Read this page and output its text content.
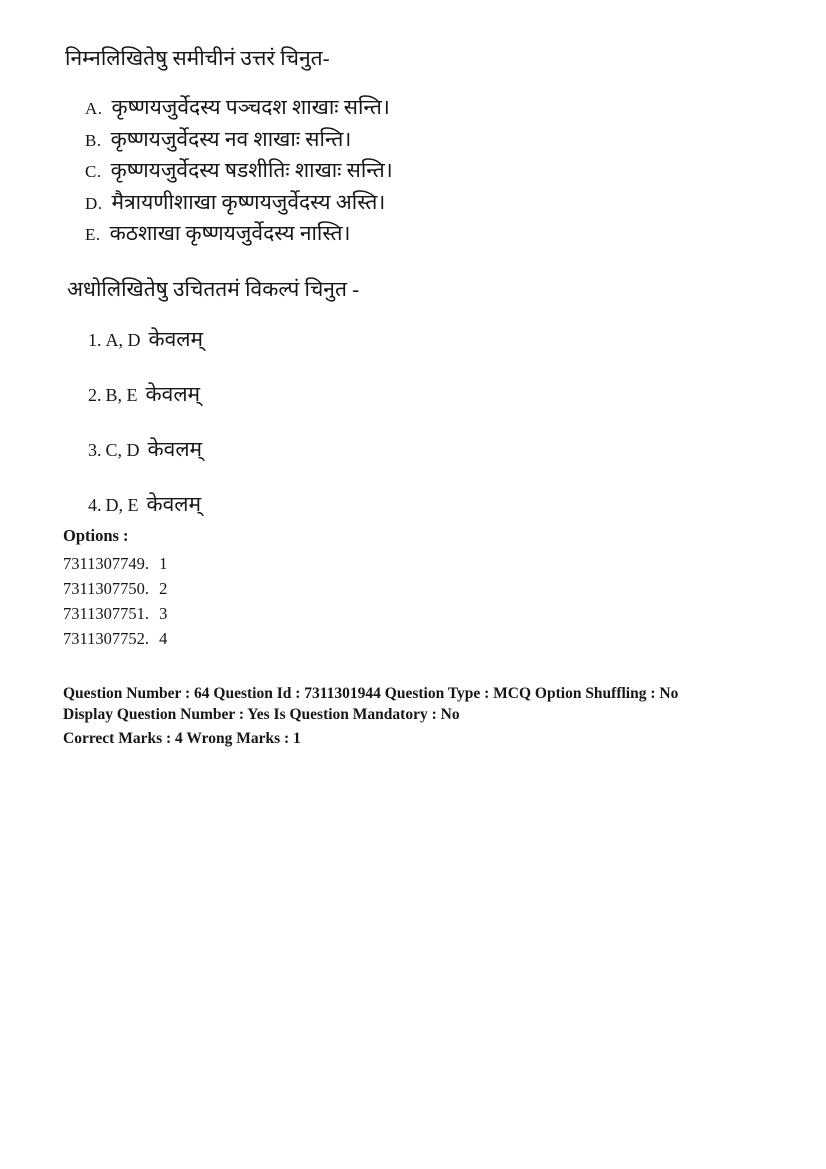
निम्नलिखितेषु समीचीनं उत्तरं चिनुत-

A. कृष्णयजुर्वेदस्य पञ्चदश शाखाः सन्ति।
B. कृष्णयजुर्वेदस्य नव शाखाः सन्ति।
C. कृष्णयजुर्वेदस्य षडशीतिः शाखाः सन्ति।
D. मैत्रायणीशाखा कृष्णयजुर्वेदस्य अस्ति।
E. कठशाखा कृष्णयजुर्वेदस्य नास्ति।

अधोलिखितेषु उचिततमं विकल्पं चिनुत -

1. A, D केवलम्
2. B, E केवलम्
3. C, D केवलम्
4. D, E केवलम्

Options :

7311307749. 1
7311307750. 2
7311307751. 3
7311307752. 4

Question Number : 64 Question Id : 7311301944 Question Type : MCQ Option Shuffling : No
Display Question Number : Yes Is Question Mandatory : No

Correct Marks : 4 Wrong Marks : 1
